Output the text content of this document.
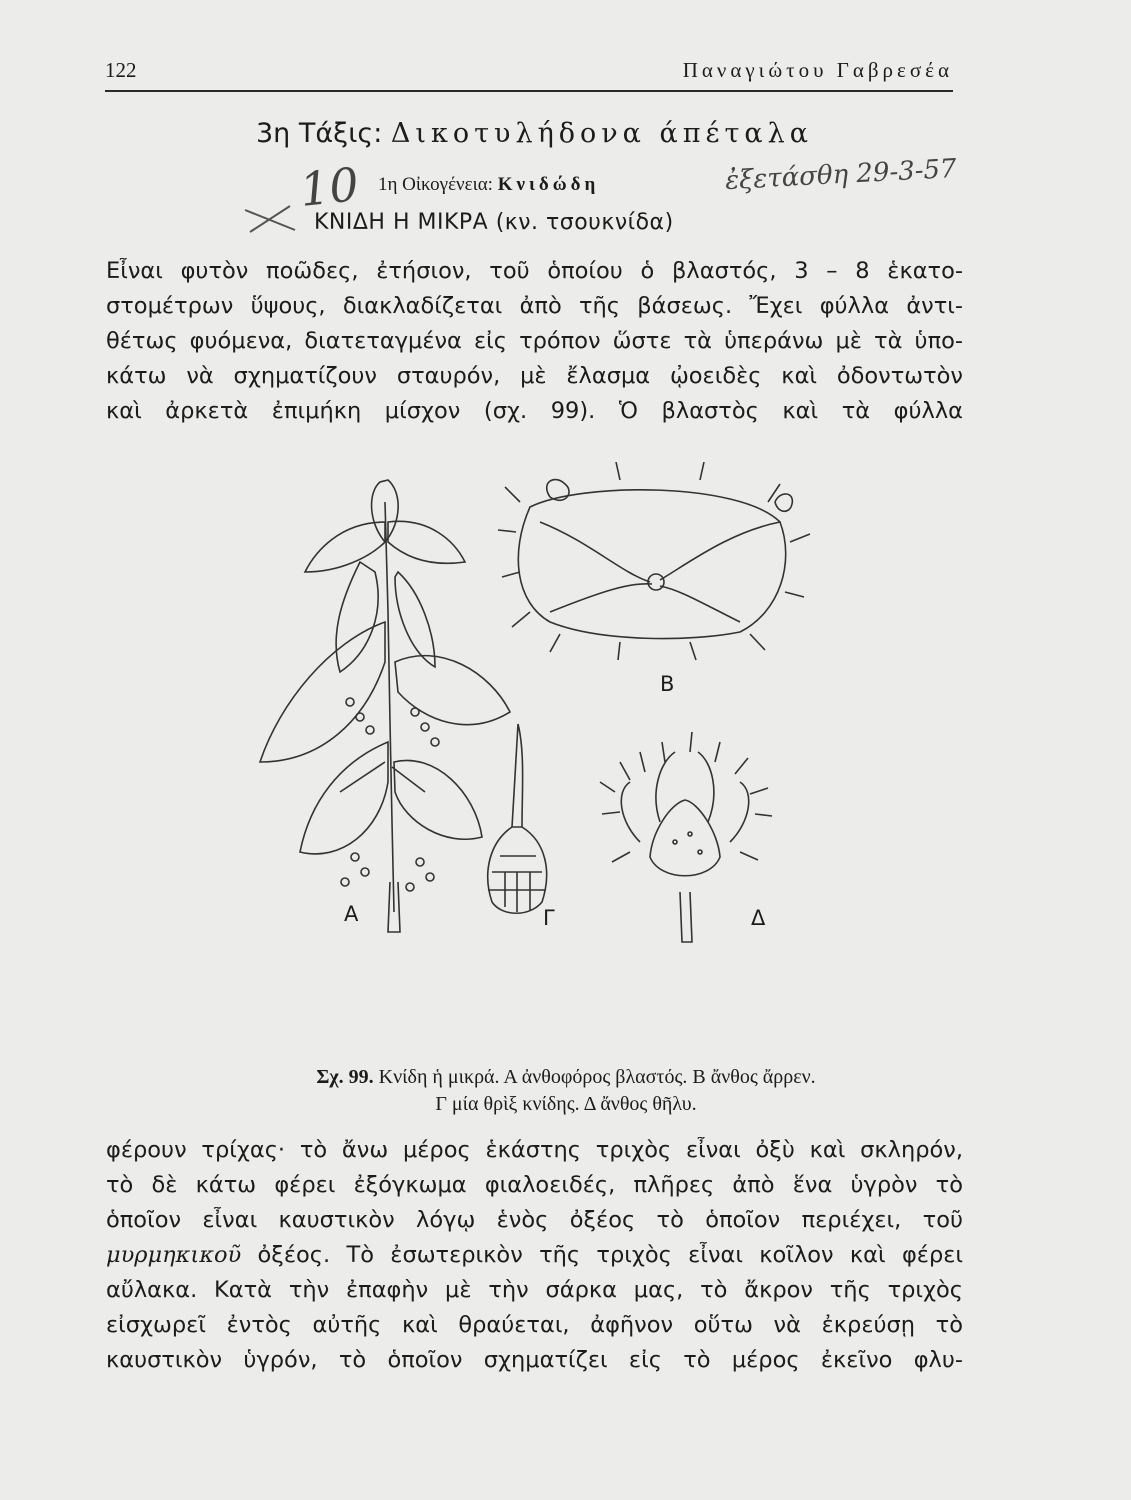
122	Παναγιώτου Γαβρεσέα
3η Τάξις: Δικοτυλήδονα άπέταλα
1η Οἰκογένεια: Κνιδώδη
10	ἐξετάσθη 29-3-57
ΚΝΙΔΗ Η ΜΙΚΡΑ (κν. τσουκνίδα)
Εἶναι φυτὸν ποῶδες, ἐτήσιον, τοῦ ὁποίου ὁ βλαστός, 3 – 8 ἑκατο-
στομέτρων ὕψους, διακλαδίζεται ἀπὸ τῆς βάσεως. Ἔχει φύλλα ἀντι-
θέτως φυόμενα, διατεταγμένα εἰς τρόπον ὥστε τὰ ὑπεράνω μὲ τὰ ὑπο-
κάτω νὰ σχηματίζουν σταυρόν, μὲ ἔλασμα ᾠοειδὲς καὶ ὀδοντωτὸν
καὶ ἀρκετὰ ἐπιμήκη μίσχον (σχ. 99). Ὁ βλαστὸς καὶ τὰ φύλλα
A
B
Γ	Δ
Σχ. 99. Κνίδη ἡ μικρά. Α ἀνθοφόρος βλαστός. Β ἄνθος ἄρρεν.
Γ μία θρὶξ κνίδης. Δ ἄνθος θῆλυ.
φέρουν τρίχας· τὸ ἄνω μέρος ἑκάστης τριχὸς εἶναι ὀξὺ καὶ σκληρόν,
τὸ δὲ κάτω φέρει ἐξόγκωμα φιαλοειδές, πλῆρες ἀπὸ ἕνα ὑγρὸν τὸ
ὁποῖον εἶναι καυστικὸν λόγῳ ἑνὸς ὀξέος τὸ ὁποῖον περιέχει, τοῦ
μυρμηκικοῦ ὀξέος. Τὸ ἐσωτερικὸν τῆς τριχὸς εἶναι κοῖλον καὶ φέρει
αὔλακα. Κατὰ τὴν ἐπαφὴν μὲ τὴν σάρκα μας, τὸ ἄκρον τῆς τριχὸς
εἰσχωρεῖ ἐντὸς αὐτῆς καὶ θραύεται, ἀφῆνον οὕτω νὰ ἐκρεύσῃ τὸ
καυστικὸν ὑγρόν, τὸ ὁποῖον σχηματίζει εἰς τὸ μέρος ἐκεῖνο φλυ-
